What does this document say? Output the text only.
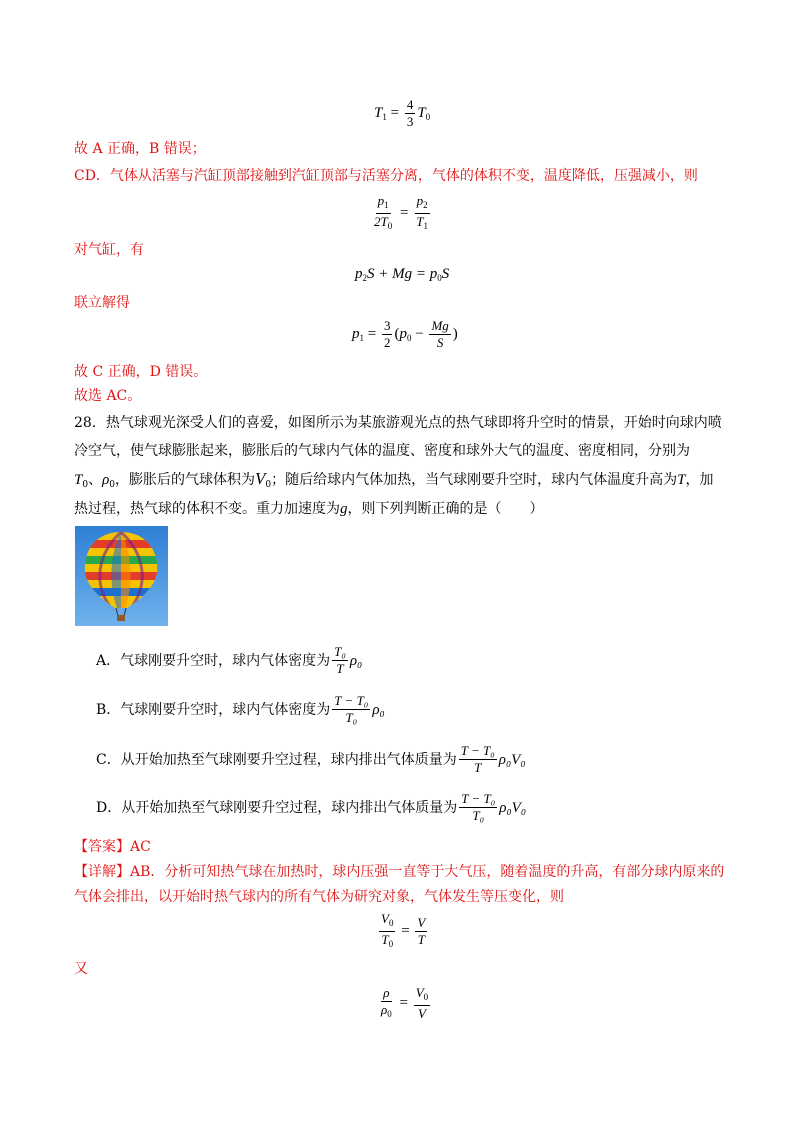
$T_1 = \frac{4}{3} T_0$
故 A 正确，B 错误；
CD．气体从活塞与汽缸顶部接触到汽缸顶部与活塞分离，气体的体积不变，温度降低，压强减小，则
$\frac{p_1}{2T_0} = \frac{p_2}{T_1}$
对气缸，有
$p_2S + Mg = p_0S$
联立解得
$p_1 = \frac{3}{2} (p_0 - \frac{Mg}{S}$ )
故 C 正确，D 错误。
故选 AC。
28．热气球观光深受人们的喜爱，如图所示为某旅游观光点的热气球即将升空时的情景，开始时向球内喷
冷空气，使气球膨胀起来，膨胀后的气球内气体的温度、密度和球外大气的温度、密度相同，分别为
$T_0$、$\rho_0$，膨胀后的气球体积为$V_0$；随后给球内气体加热，当气球刚要升空时，球内气体温度升高为T，加
热过程，热气球的体积不变。重力加速度为g，则下列判断正确的是（　　）
A．气球刚要升空时，球内气体密度为 $\frac{\text{T₀}}{T} \rho_0$
B．气球刚要升空时，球内气体密度为 $\frac{\text{T − T₀}}{\text{T₀}} \rho_0$
C．从开始加热至气球刚要升空过程，球内排出气体质量为 $\frac{\text{T − T₀}}{T} \rho_0V_0$
D．从开始加热至气球刚要升空过程，球内排出气体质量为 $\frac{\text{T − T₀}}{\text{T₀}} \rho_0V_0$
【答案】AC
【详解】AB．分析可知热气球在加热时，球内压强一直等于大气压，随着温度的升高，有部分球内原来的
气体会排出，以开始时热气球内的所有气体为研究对象，气体发生等压变化，则
$\frac{V_0}{T_0} = \frac{V}{T}$
又
$\frac{\rho}{\rho_0} = \frac{V_0}{V}$
